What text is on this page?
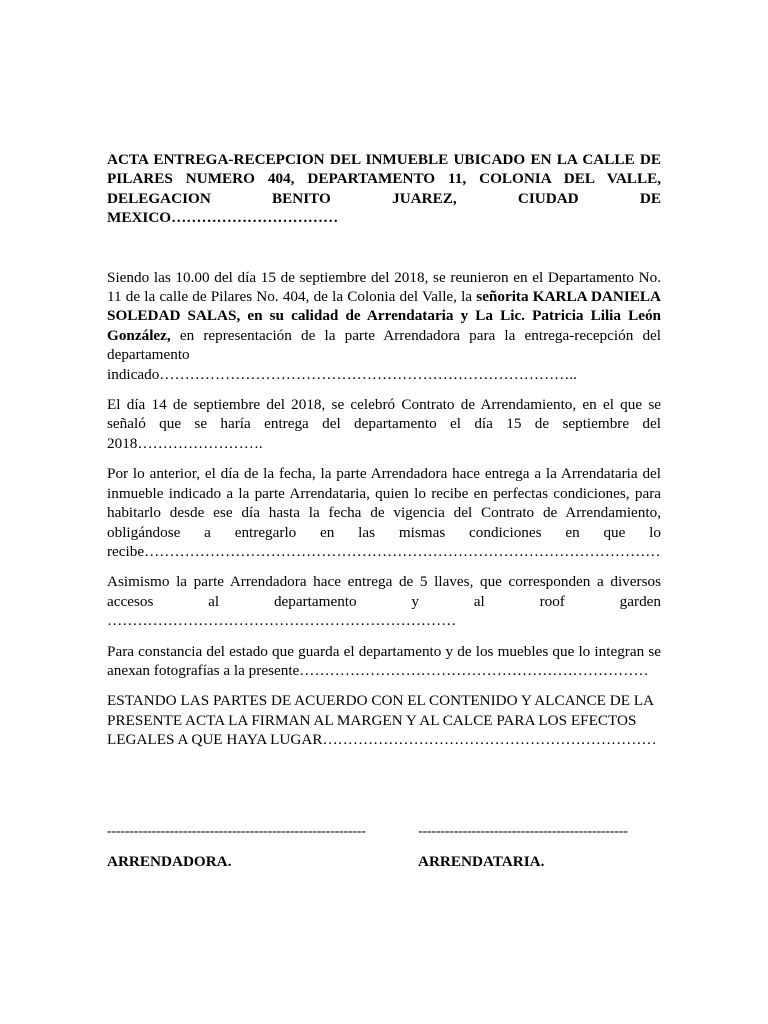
ACTA ENTREGA-RECEPCION DEL INMUEBLE UBICADO EN LA CALLE DE PILARES NUMERO 404, DEPARTAMENTO 11, COLONIA DEL VALLE, DELEGACION BENITO JUAREZ, CIUDAD DE MEXICO……………………………

Siendo las 10.00 del día 15 de septiembre del 2018, se reunieron en el Departamento No. 11 de la calle de Pilares No. 404, de la Colonia del Valle, la señorita KARLA DANIELA SOLEDAD SALAS, en su calidad de Arrendataria y La Lic. Patricia Lilia León González, en representación de la parte Arrendadora para la entrega-recepción del departamento indicado………………………………………………………………………..

El día 14 de septiembre del 2018, se celebró Contrato de Arrendamiento, en el que se señaló que se haría entrega del departamento el día 15 de septiembre del 2018…………………….

Por lo anterior, el día de la fecha, la parte Arrendadora hace entrega a la Arrendataria del inmueble indicado a la parte Arrendataria, quien lo recibe en perfectas condiciones, para habitarlo desde ese día hasta la fecha de vigencia del Contrato de Arrendamiento, obligándose a entregarlo en las mismas condiciones en que lo recibe…………………………………………………………………………………………

Asimismo la parte Arrendadora hace entrega de 5 llaves, que corresponden a diversos accesos al departamento y al roof garden ……………………………………………………………

Para constancia del estado que guarda el departamento y de los muebles que lo integran se anexan fotografías a la presente……………………………………………………………

ESTANDO LAS PARTES DE ACUERDO CON EL CONTENIDO Y ALCANCE DE LA PRESENTE ACTA LA FIRMAN AL MARGEN Y AL CALCE PARA LOS EFECTOS LEGALES A QUE HAYA LUGAR…………………………………………………………

----------------------------------------------------------	-----------------------------------------------
ARRENDADORA.	ARRENDATARIA.
